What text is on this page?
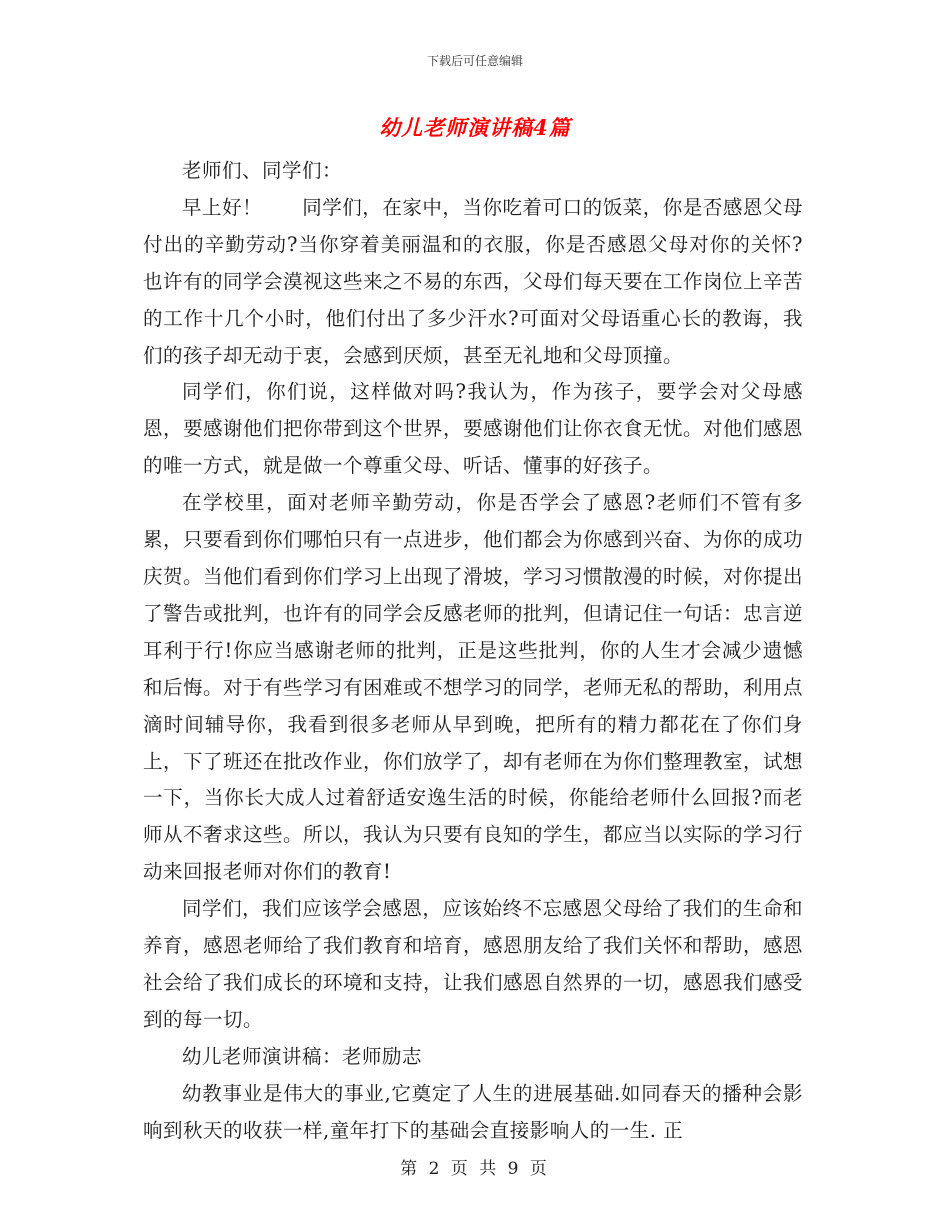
下载后可任意编辑
幼儿老师演讲稿4篇

老师们、同学们：

早上好！　　同学们，在家中，当你吃着可口的饭菜，你是否感恩父母付出的辛勤劳动?当你穿着美丽温和的衣服，你是否感恩父母对你的关怀?也许有的同学会漠视这些来之不易的东西，父母们每天要在工作岗位上辛苦的工作十几个小时，他们付出了多少汗水?可面对父母语重心长的教诲，我们的孩子却无动于衷，会感到厌烦，甚至无礼地和父母顶撞。

同学们，你们说，这样做对吗?我认为，作为孩子，要学会对父母感恩，要感谢他们把你带到这个世界，要感谢他们让你衣食无忧。对他们感恩的唯一方式，就是做一个尊重父母、听话、懂事的好孩子。

在学校里，面对老师辛勤劳动，你是否学会了感恩?老师们不管有多累，只要看到你们哪怕只有一点进步，他们都会为你感到兴奋、为你的成功庆贺。当他们看到你们学习上出现了滑坡，学习习惯散漫的时候，对你提出了警告或批判，也许有的同学会反感老师的批判，但请记住一句话：忠言逆耳利于行!你应当感谢老师的批判，正是这些批判，你的人生才会减少遗憾和后悔。对于有些学习有困难或不想学习的同学，老师无私的帮助，利用点滴时间辅导你，我看到很多老师从早到晚，把所有的精力都花在了你们身上，下了班还在批改作业，你们放学了，却有老师在为你们整理教室，试想一下，当你长大成人过着舒适安逸生活的时候，你能给老师什么回报?而老师从不奢求这些。所以，我认为只要有良知的学生，都应当以实际的学习行动来回报老师对你们的教育!

同学们，我们应该学会感恩，应该始终不忘感恩父母给了我们的生命和养育，感恩老师给了我们教育和培育，感恩朋友给了我们关怀和帮助，感恩社会给了我们成长的环境和支持，让我们感恩自然界的一切，感恩我们感受到的每一切。

幼儿老师演讲稿：老师励志

幼教事业是伟大的事业,它奠定了人生的进展基础.如同春天的播种会影响到秋天的收获一样,童年打下的基础会直接影响人的一生. 正

第 2 页 共 9 页
